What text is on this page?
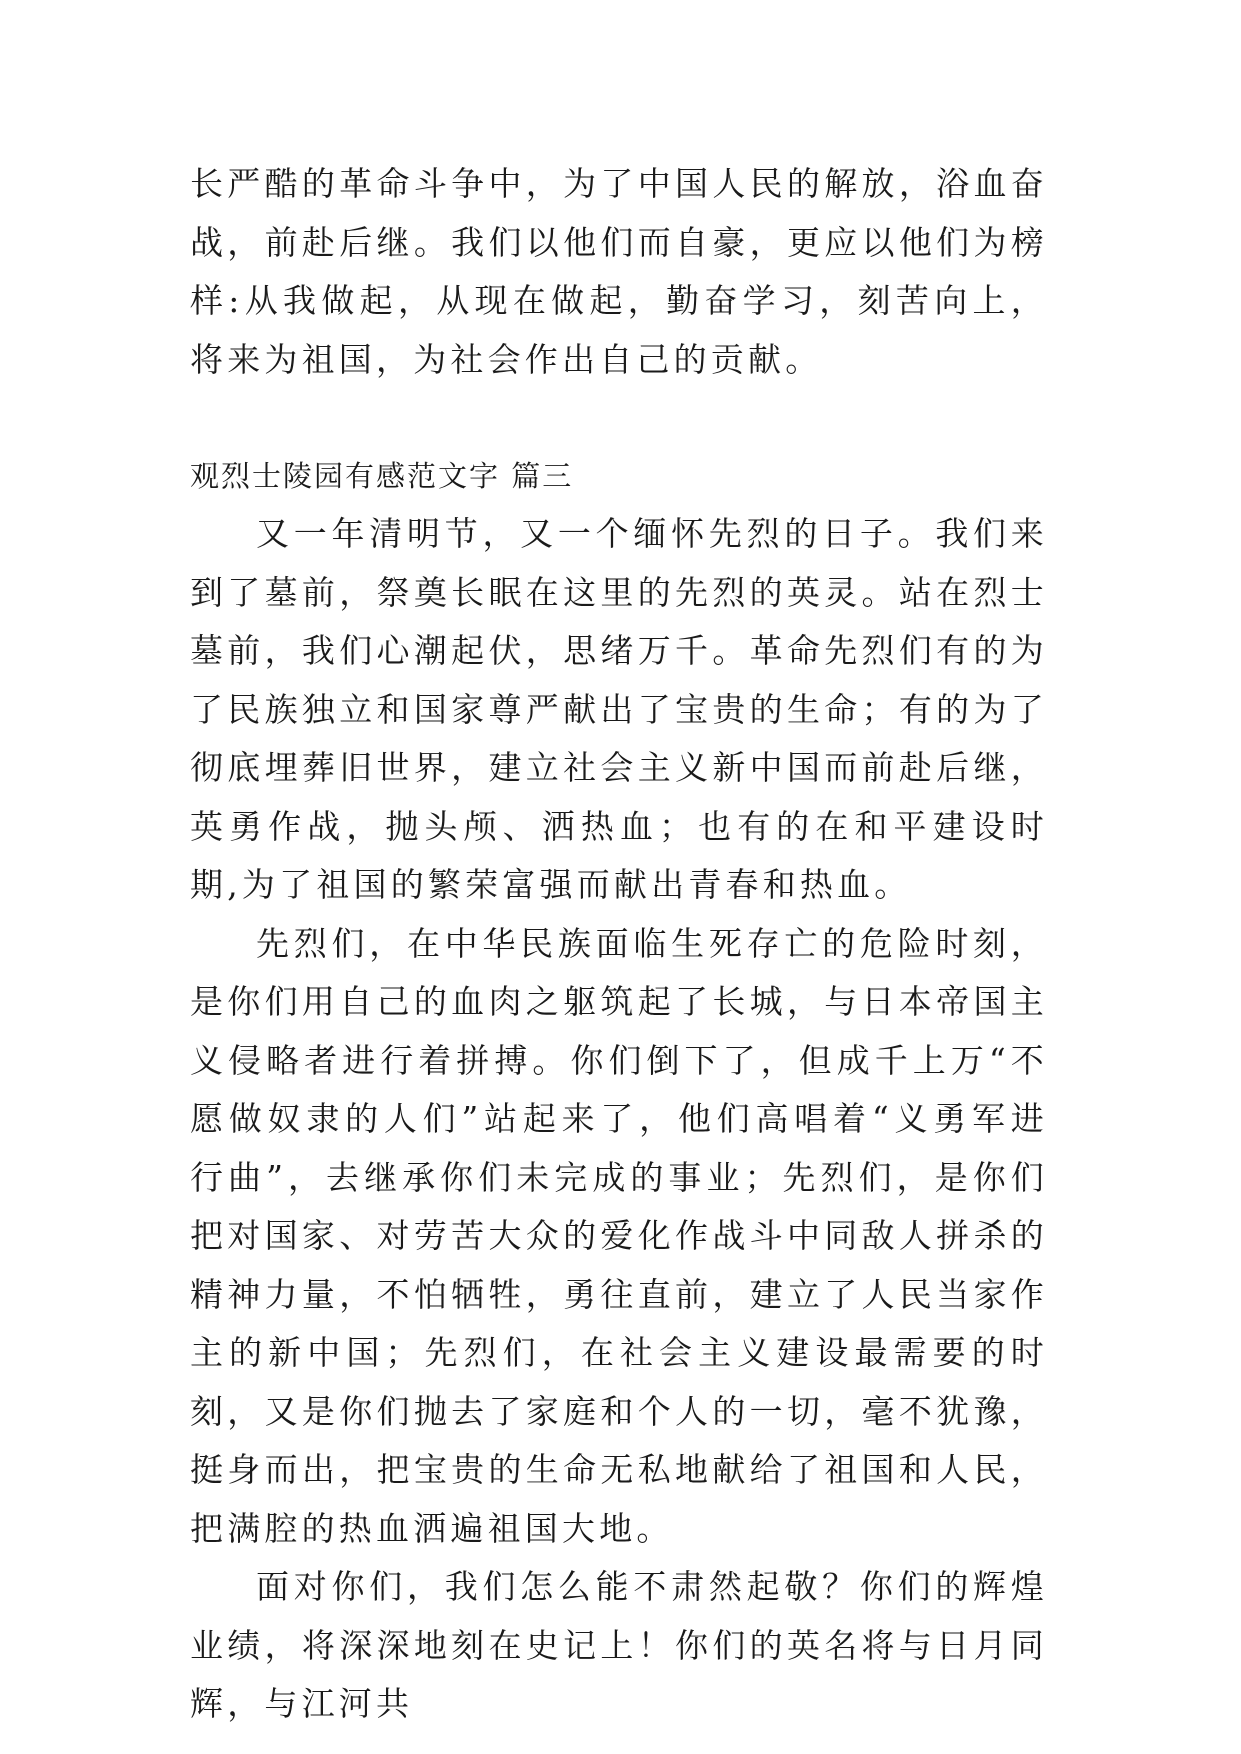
长严酷的革命斗争中，为了中国人民的解放，浴血奋战，前赴后继。我们以他们而自豪，更应以他们为榜样:从我做起，从现在做起，勤奋学习，刻苦向上，将来为祖国，为社会作出自己的贡献。

观烈士陵园有感范文字 篇三

又一年清明节，又一个缅怀先烈的日子。我们来到了墓前，祭奠长眠在这里的先烈的英灵。站在烈士墓前，我们心潮起伏，思绪万千。革命先烈们有的为了民族独立和国家尊严献出了宝贵的生命；有的为了彻底埋葬旧世界，建立社会主义新中国而前赴后继，英勇作战，抛头颅、洒热血；也有的在和平建设时期,为了祖国的繁荣富强而献出青春和热血。

先烈们，在中华民族面临生死存亡的危险时刻，是你们用自己的血肉之躯筑起了长城，与日本帝国主义侵略者进行着拼搏。你们倒下了，但成千上万“不愿做奴隶的人们”站起来了，他们高唱着“义勇军进行曲”，去继承你们未完成的事业；先烈们，是你们把对国家、对劳苦大众的爱化作战斗中同敌人拼杀的精神力量，不怕牺牲，勇往直前，建立了人民当家作主的新中国；先烈们，在社会主义建设最需要的时刻，又是你们抛去了家庭和个人的一切，毫不犹豫，挺身而出，把宝贵的生命无私地献给了祖国和人民，把满腔的热血洒遍祖国大地。

面对你们，我们怎么能不肃然起敬？你们的辉煌业绩，将深深地刻在史记上！你们的英名将与日月同辉，与江河共
